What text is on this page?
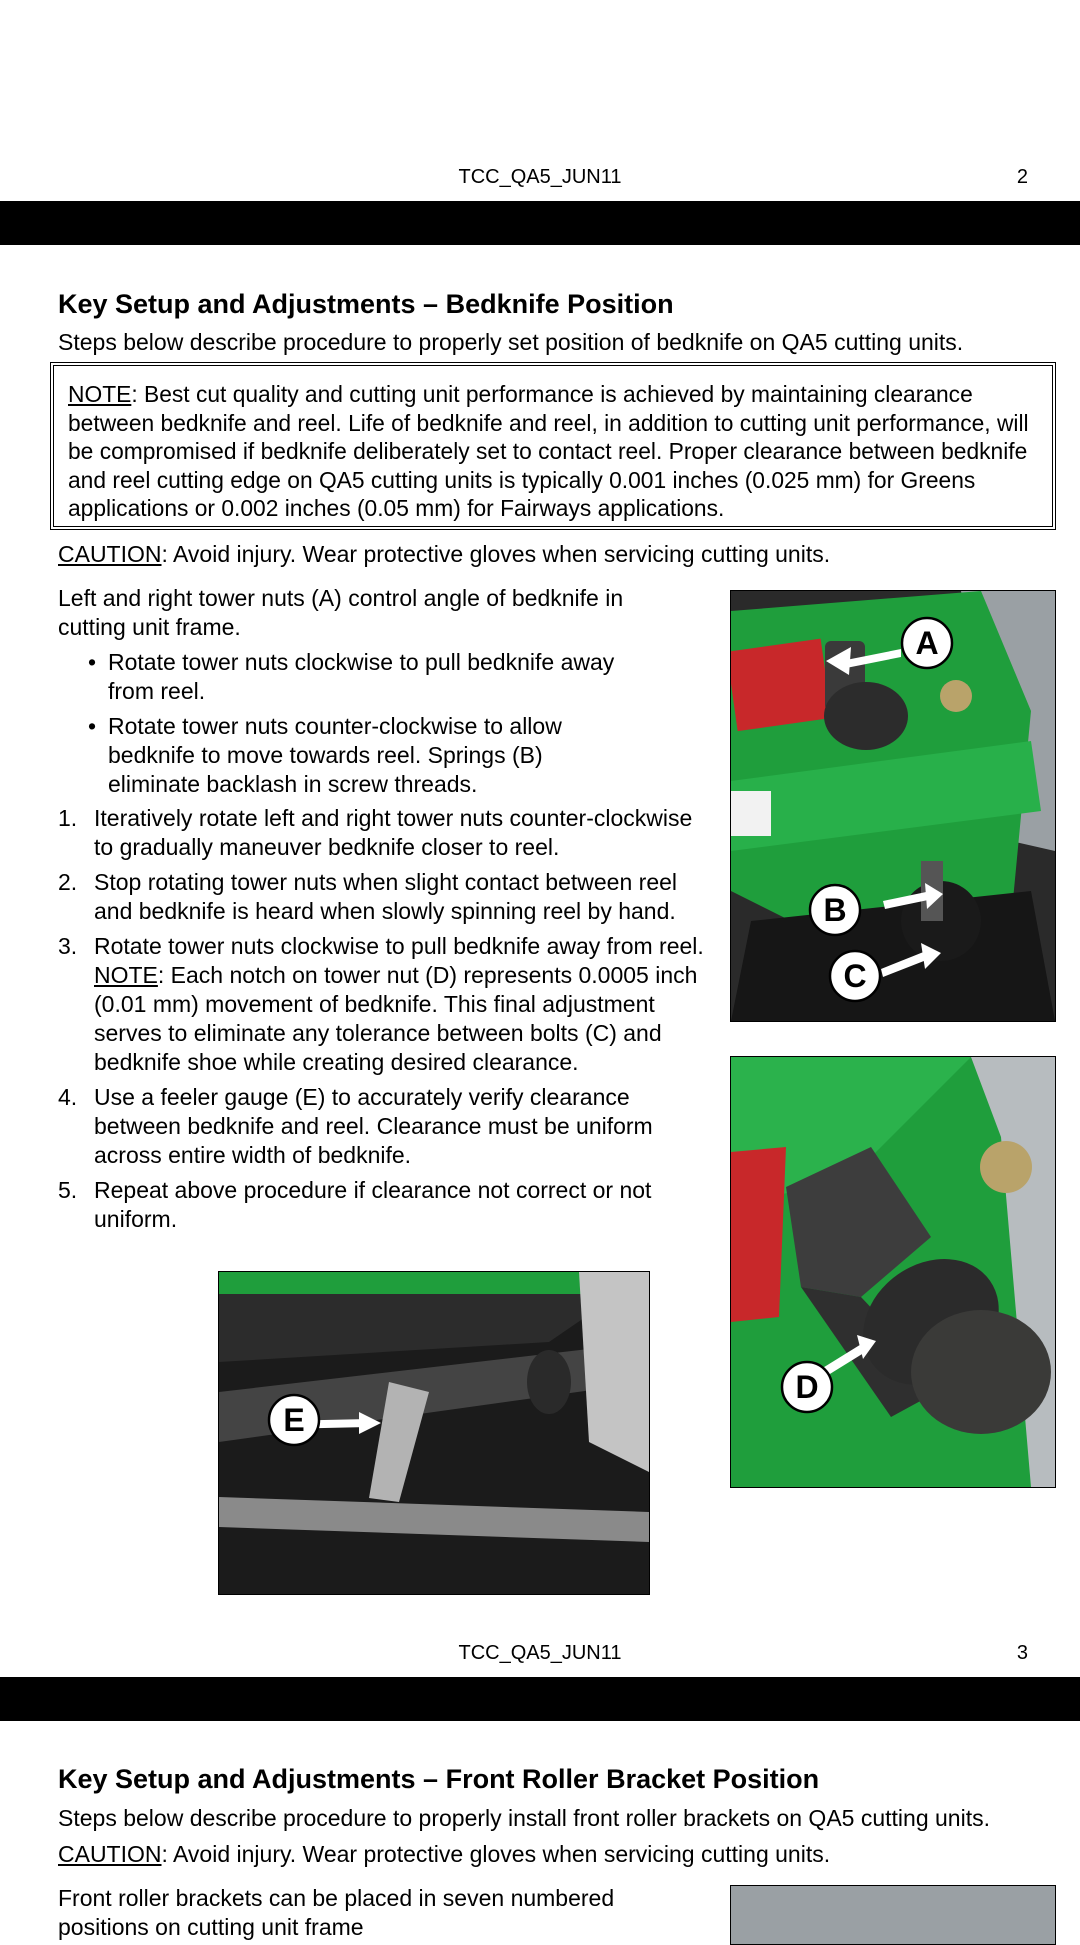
TCC_QA5_JUN11	2
Key Setup and Adjustments – Bedknife Position
Steps below describe procedure to properly set position of bedknife on QA5 cutting units.
NOTE: Best cut quality and cutting unit performance is achieved by maintaining clearance between bedknife and reel. Life of bedknife and reel, in addition to cutting unit performance, will be compromised if bedknife deliberately set to contact reel. Proper clearance between bedknife and reel cutting edge on QA5 cutting units is typically 0.001 inches (0.025 mm) for Greens applications or 0.002 inches (0.05 mm) for Fairways applications.
CAUTION: Avoid injury. Wear protective gloves when servicing cutting units.
Left and right tower nuts (A) control angle of bedknife in cutting unit frame.
• Rotate tower nuts clockwise to pull bedknife away from reel.
• Rotate tower nuts counter-clockwise to allow bedknife to move towards reel. Springs (B) eliminate backlash in screw threads.
1. Iteratively rotate left and right tower nuts counter-clockwise to gradually maneuver bedknife closer to reel.
2. Stop rotating tower nuts when slight contact between reel and bedknife is heard when slowly spinning reel by hand.
3. Rotate tower nuts clockwise to pull bedknife away from reel. NOTE: Each notch on tower nut (D) represents 0.0005 inch (0.01 mm) movement of bedknife. This final adjustment serves to eliminate any tolerance between bolts (C) and bedknife shoe while creating desired clearance.
4. Use a feeler gauge (E) to accurately verify clearance between bedknife and reel. Clearance must be uniform across entire width of bedknife.
5. Repeat above procedure if clearance not correct or not uniform.
A
B
C
D
E
TCC_QA5_JUN11	3
Key Setup and Adjustments – Front Roller Bracket Position
Steps below describe procedure to properly install front roller brackets on QA5 cutting units.
CAUTION: Avoid injury. Wear protective gloves when servicing cutting units.
Front roller brackets can be placed in seven numbered positions on cutting unit frame
